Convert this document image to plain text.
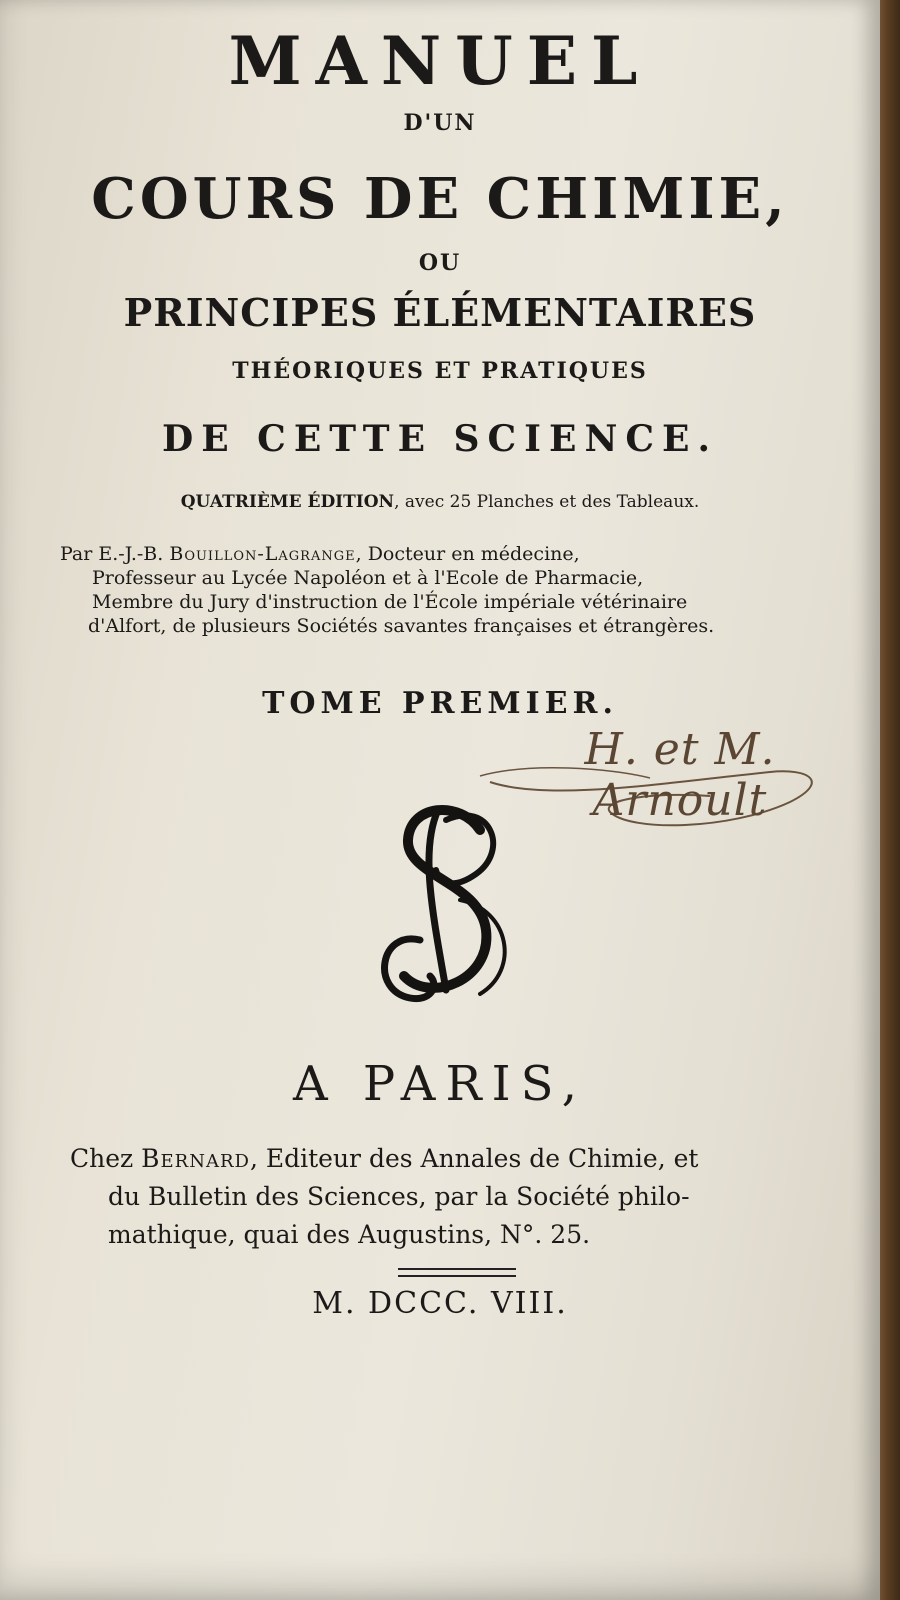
MANUEL
D'UN
COURS DE CHIMIE,
OU
PRINCIPES ÉLÉMENTAIRES
THÉORIQUES ET PRATIQUES
DE CETTE SCIENCE.
QUATRIÈME ÉDITION, avec 25 Planches et des Tableaux.
Par E.-J.-B. Bouillon-Lagrange, Docteur en médecine,
Professeur au Lycée Napoléon et à l'Ecole de Pharmacie,
Membre du Jury d'instruction de l'École impériale vétérinaire
d'Alfort, de plusieurs Sociétés savantes françaises et étrangères.
TOME PREMIER.
H. et M. Arnoult
A PARIS,
Chez Bernard, Editeur des Annales de Chimie, et
du Bulletin des Sciences, par la Société philo-
mathique, quai des Augustins, N°. 25.
M. DCCC. VIII.
